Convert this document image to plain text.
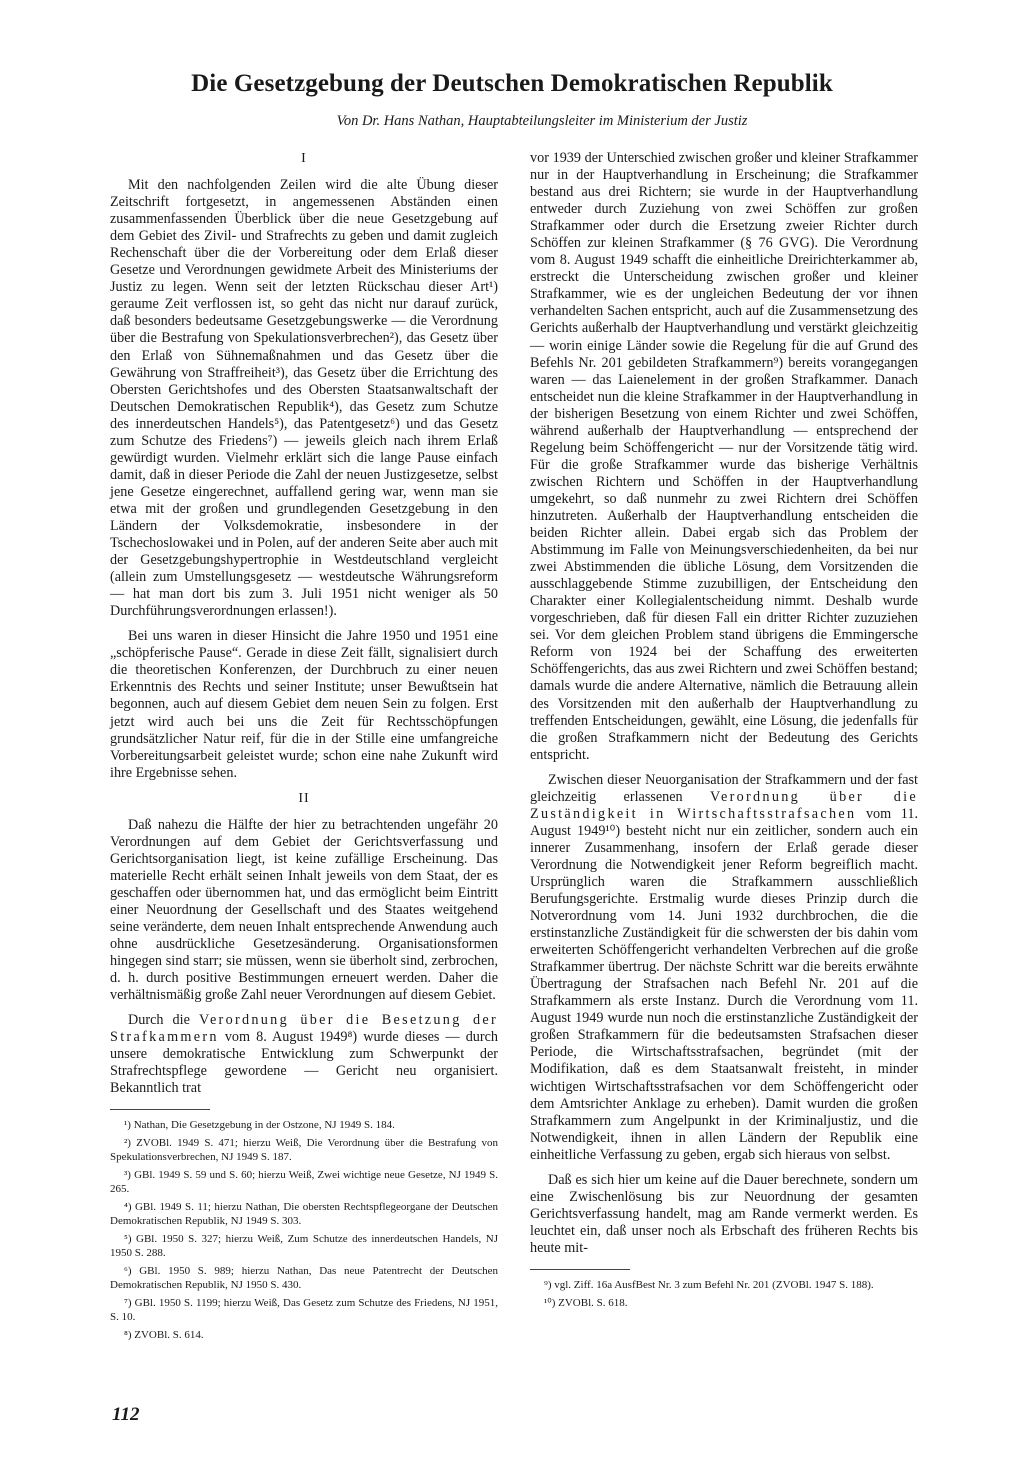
Die Gesetzgebung der Deutschen Demokratischen Republik
Von Dr. Hans Nathan, Hauptabteilungsleiter im Ministerium der Justiz
I

Mit den nachfolgenden Zeilen wird die alte Übung dieser Zeitschrift fortgesetzt, in angemessenen Abständen einen zusammenfassenden Überblick über die neue Gesetzgebung auf dem Gebiet des Zivil- und Strafrechts zu geben und damit zugleich Rechenschaft über die der Vorbereitung oder dem Erlaß dieser Gesetze und Verordnungen gewidmete Arbeit des Ministeriums der Justiz zu legen. Wenn seit der letzten Rückschau dieser Art¹) geraume Zeit verflossen ist, so geht das nicht nur darauf zurück, daß besonders bedeutsame Gesetzgebungswerke — die Verordnung über die Bestrafung von Spekulationsverbrechen²), das Gesetz über den Erlaß von Sühnemaßnahmen und das Gesetz über die Gewährung von Straffreiheit³), das Gesetz über die Errichtung des Obersten Gerichtshofes und des Obersten Staatsanwaltschaft der Deutschen Demokratischen Republik⁴), das Gesetz zum Schutze des innerdeutschen Handels⁵), das Patentgesetz⁶) und das Gesetz zum Schutze des Friedens⁷) — jeweils gleich nach ihrem Erlaß gewürdigt wurden. Vielmehr erklärt sich die lange Pause einfach damit, daß in dieser Periode die Zahl der neuen Justizgesetze, selbst jene Gesetze eingerechnet, auffallend gering war, wenn man sie etwa mit der großen und grundlegenden Gesetzgebung in den Ländern der Volksdemokratie, insbesondere in der Tschechoslowakei und in Polen, auf der anderen Seite aber auch mit der Gesetzgebungshypertrophie in Westdeutschland vergleicht (allein zum Umstellungsgesetz — westdeutsche Währungsreform — hat man dort bis zum 3. Juli 1951 nicht weniger als 50 Durchführungsverordnungen erlassen!).

Bei uns waren in dieser Hinsicht die Jahre 1950 und 1951 eine „schöpferische Pause“. Gerade in diese Zeit fällt, signalisiert durch die theoretischen Konferenzen, der Durchbruch zu einer neuen Erkenntnis des Rechts und seiner Institute; unser Bewußtsein hat begonnen, auch auf diesem Gebiet dem neuen Sein zu folgen. Erst jetzt wird auch bei uns die Zeit für Rechtsschöpfungen grundsätzlicher Natur reif, für die in der Stille eine umfangreiche Vorbereitungsarbeit geleistet wurde; schon eine nahe Zukunft wird ihre Ergebnisse sehen.

II

Daß nahezu die Hälfte der hier zu betrachtenden ungefähr 20 Verordnungen auf dem Gebiet der Gerichtsverfassung und Gerichtsorganisation liegt, ist keine zufällige Erscheinung. Das materielle Recht erhält seinen Inhalt jeweils von dem Staat, der es geschaffen oder übernommen hat, und das ermöglicht beim Eintritt einer Neuordnung der Gesellschaft und des Staates weitgehend seine veränderte, dem neuen Inhalt entsprechende Anwendung auch ohne ausdrückliche Gesetzesänderung. Organisationsformen hingegen sind starr; sie müssen, wenn sie überholt sind, zerbrochen, d. h. durch positive Bestimmungen erneuert werden. Daher die verhältnismäßig große Zahl neuer Verordnungen auf diesem Gebiet.

Durch die Verordnung über die Besetzung der Strafkammern vom 8. August 1949⁸) wurde dieses — durch unsere demokratische Entwicklung zum Schwerpunkt der Strafrechtspflege gewordene — Gericht neu organisiert. Bekanntlich trat

¹) Nathan, Die Gesetzgebung in der Ostzone, NJ 1949 S. 184.

²) ZVOBl. 1949 S. 471; hierzu Weiß, Die Verordnung über die Bestrafung von Spekulationsverbrechen, NJ 1949 S. 187.

³) GBl. 1949 S. 59 und S. 60; hierzu Weiß, Zwei wichtige neue Gesetze, NJ 1949 S. 265.

⁴) GBl. 1949 S. 11; hierzu Nathan, Die obersten Rechtspflegeorgane der Deutschen Demokratischen Republik, NJ 1949 S. 303.

⁵) GBl. 1950 S. 327; hierzu Weiß, Zum Schutze des innerdeutschen Handels, NJ 1950 S. 288.

⁶) GBl. 1950 S. 989; hierzu Nathan, Das neue Patentrecht der Deutschen Demokratischen Republik, NJ 1950 S. 430.

⁷) GBl. 1950 S. 1199; hierzu Weiß, Das Gesetz zum Schutze des Friedens, NJ 1951, S. 10.

⁸) ZVOBl. S. 614.

vor 1939 der Unterschied zwischen großer und kleiner Strafkammer nur in der Hauptverhandlung in Erscheinung; die Strafkammer bestand aus drei Richtern; sie wurde in der Hauptverhandlung entweder durch Zuziehung von zwei Schöffen zur großen Strafkammer oder durch die Ersetzung zweier Richter durch Schöffen zur kleinen Strafkammer (§ 76 GVG). Die Verordnung vom 8. August 1949 schafft die einheitliche Dreirichterkammer ab, erstreckt die Unterscheidung zwischen großer und kleiner Strafkammer, wie es der ungleichen Bedeutung der vor ihnen verhandelten Sachen entspricht, auch auf die Zusammensetzung des Gerichts außerhalb der Hauptverhandlung und verstärkt gleichzeitig — worin einige Länder sowie die Regelung für die auf Grund des Befehls Nr. 201 gebildeten Strafkammern⁹) bereits vorangegangen waren — das Laienelement in der großen Strafkammer. Danach entscheidet nun die kleine Strafkammer in der Hauptverhandlung in der bisherigen Besetzung von einem Richter und zwei Schöffen, während außerhalb der Hauptverhandlung — entsprechend der Regelung beim Schöffengericht — nur der Vorsitzende tätig wird. Für die große Strafkammer wurde das bisherige Verhältnis zwischen Richtern und Schöffen in der Hauptverhandlung umgekehrt, so daß nunmehr zu zwei Richtern drei Schöffen hinzutreten. Außerhalb der Hauptverhandlung entscheiden die beiden Richter allein. Dabei ergab sich das Problem der Abstimmung im Falle von Meinungsverschiedenheiten, da bei nur zwei Abstimmenden die übliche Lösung, dem Vorsitzenden die ausschlaggebende Stimme zuzubilligen, der Entscheidung den Charakter einer Kollegialentscheidung nimmt. Deshalb wurde vorgeschrieben, daß für diesen Fall ein dritter Richter zuzuziehen sei. Vor dem gleichen Problem stand übrigens die Emmingersche Reform von 1924 bei der Schaffung des erweiterten Schöffengerichts, das aus zwei Richtern und zwei Schöffen bestand; damals wurde die andere Alternative, nämlich die Betrauung allein des Vorsitzenden mit den außerhalb der Hauptverhandlung zu treffenden Entscheidungen, gewählt, eine Lösung, die jedenfalls für die großen Strafkammern nicht der Bedeutung des Gerichts entspricht.

Zwischen dieser Neuorganisation der Strafkammern und der fast gleichzeitig erlassenen Verordnung über die Zuständigkeit in Wirtschaftsstrafsachen vom 11. August 1949¹⁰) besteht nicht nur ein zeitlicher, sondern auch ein innerer Zusammenhang, insofern der Erlaß gerade dieser Verordnung die Notwendigkeit jener Reform begreiflich macht. Ursprünglich waren die Strafkammern ausschließlich Berufungsgerichte. Erstmalig wurde dieses Prinzip durch die Notverordnung vom 14. Juni 1932 durchbrochen, die die erstinstanzliche Zuständigkeit für die schwersten der bis dahin vom erweiterten Schöffengericht verhandelten Verbrechen auf die große Strafkammer übertrug. Der nächste Schritt war die bereits erwähnte Übertragung der Strafsachen nach Befehl Nr. 201 auf die Strafkammern als erste Instanz. Durch die Verordnung vom 11. August 1949 wurde nun noch die erstinstanzliche Zuständigkeit der großen Strafkammern für die bedeutsamsten Strafsachen dieser Periode, die Wirtschaftsstrafsachen, begründet (mit der Modifikation, daß es dem Staatsanwalt freisteht, in minder wichtigen Wirtschaftsstrafsachen vor dem Schöffengericht oder dem Amtsrichter Anklage zu erheben). Damit wurden die großen Strafkammern zum Angelpunkt in der Kriminaljustiz, und die Notwendigkeit, ihnen in allen Ländern der Republik eine einheitliche Verfassung zu geben, ergab sich hieraus von selbst.

Daß es sich hier um keine auf die Dauer berechnete, sondern um eine Zwischenlösung bis zur Neuordnung der gesamten Gerichtsverfassung handelt, mag am Rande vermerkt werden. Es leuchtet ein, daß unser noch als Erbschaft des früheren Rechts bis heute mit-

⁹) vgl. Ziff. 16a AusfBest Nr. 3 zum Befehl Nr. 201 (ZVOBl. 1947 S. 188).

¹⁰) ZVOBl. S. 618.

112
